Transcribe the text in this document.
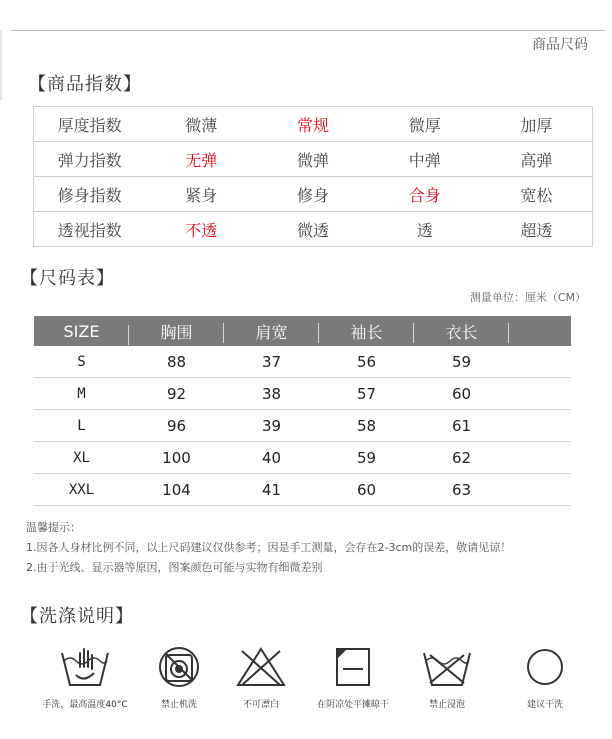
商品尺码
【商品指数】
厚度指数	微薄	常规	微厚	加厚
弹力指数	无弹	微弹	中弹	高弹
修身指数	紧身	修身	合身	宽松
透视指数	不透	微透	透	超透
【尺码表】
测量单位：厘米（CM）
SIZE	胸围	肩宽	袖长	衣长
S	88	37	56	59
M	92	38	57	60
L	96	39	58	61
XL	100	40	59	62
XXL	104	41	60	63
温馨提示：
1.因各人身材比例不同，以上尺码建议仅供参考；因是手工测量，会存在2-3cm的误差，敬请见谅！
2.由于光线、显示器等原因，图案颜色可能与实物有细微差别
【洗涤说明】
手洗，最高温度40°C	禁止机洗	不可漂白	在阴凉处平摊晾干	禁止浸泡	建议干洗
